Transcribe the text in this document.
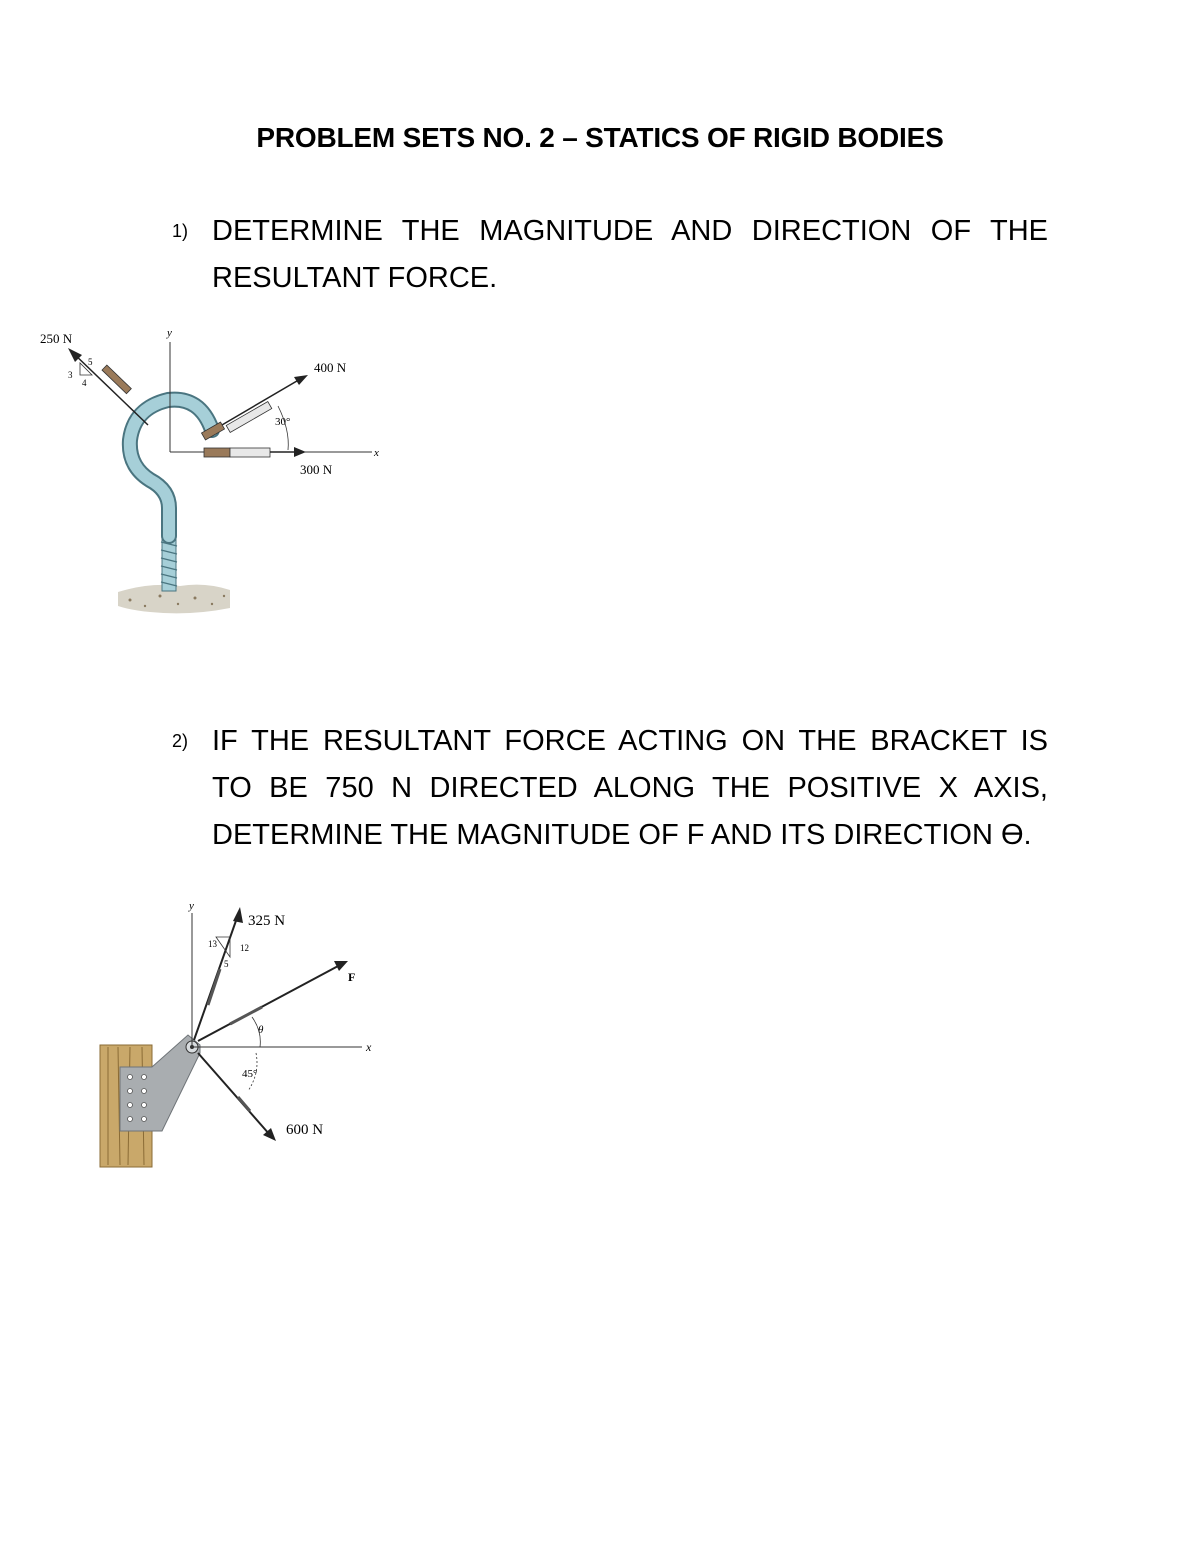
PROBLEM SETS NO. 2 – STATICS OF RIGID BODIES
1) DETERMINE THE MAGNITUDE AND DIRECTION OF THE RESULTANT FORCE.
y
x
3
4
5
250 N
400 N
30°
300 N
2) IF THE RESULTANT FORCE ACTING ON THE BRACKET IS TO BE 750 N DIRECTED ALONG THE POSITIVE X AXIS, DETERMINE THE MAGNITUDE OF F AND ITS DIRECTION ϴ.
y
x
13	12
5
325 N
F
θ
45°
600 N
